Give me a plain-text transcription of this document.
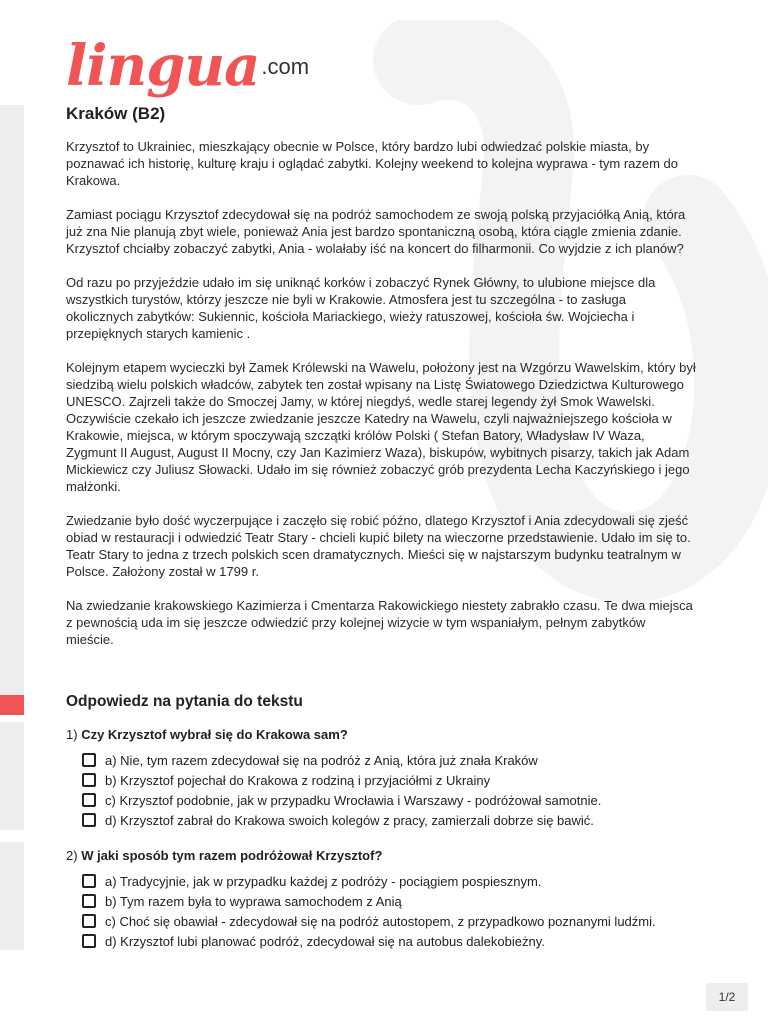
lingua .com
Kraków (B2)

Krzysztof to Ukrainiec, mieszkający obecnie w Polsce, który bardzo lubi odwiedzać polskie miasta, by poznawać ich historię, kulturę kraju i oglądać zabytki. Kolejny weekend to kolejna wyprawa - tym razem do Krakowa.

Zamiast pociągu Krzysztof zdecydował się na podróż samochodem ze swoją polską przyjaciółką Anią, która już zna Nie planują zbyt wiele, ponieważ Ania jest bardzo spontaniczną osobą, która ciągle zmienia zdanie. Krzysztof chciałby zobaczyć zabytki, Ania - wolałaby iść na koncert do filharmonii. Co wyjdzie z ich planów?

Od razu po przyjeździe udało im się uniknąć korków i zobaczyć Rynek Główny, to ulubione miejsce dla wszystkich turystów, którzy jeszcze nie byli w Krakowie. Atmosfera jest tu szczególna - to zasługa okolicznych zabytków: Sukiennic, kościoła Mariackiego, wieży ratuszowej, kościoła św. Wojciecha i przepięknych starych kamienic .

Kolejnym etapem wycieczki był Zamek Królewski na Wawelu, położony jest na Wzgórzu Wawelskim, który był siedzibą wielu polskich władców, zabytek ten został wpisany na Listę Światowego Dziedzictwa Kulturowego UNESCO. Zajrzeli także do Smoczej Jamy, w której niegdyś, wedle starej legendy żył Smok Wawelski. Oczywiście czekało ich jeszcze zwiedzanie jeszcze Katedry na Wawelu, czyli najważniejszego kościoła w Krakowie, miejsca, w którym spoczywają szczątki królów Polski ( Stefan Batory, Władysław IV Waza, Zygmunt II August, August II Mocny, czy Jan Kazimierz Waza), biskupów, wybitnych pisarzy, takich jak Adam Mickiewicz czy Juliusz Słowacki. Udało im się również zobaczyć grób prezydenta Lecha Kaczyńskiego i jego małżonki.

Zwiedzanie było dość wyczerpujące i zaczęło się robić późno, dlatego Krzysztof i Ania zdecydowali się zjeść obiad w restauracji i odwiedzić Teatr Stary - chcieli kupić bilety na wieczorne przedstawienie. Udało im się to. Teatr Stary to jedna z trzech polskich scen dramatycznych. Mieści się w najstarszym budynku teatralnym w Polsce. Założony został w 1799 r.

Na zwiedzanie krakowskiego Kazimierza i Cmentarza Rakowickiego niestety zabrakło czasu. Te dwa miejsca z pewnością uda im się jeszcze odwiedzić przy kolejnej wizycie w tym wspaniałym, pełnym zabytków mieście.

Odpowiedz na pytania do tekstu
1) Czy Krzysztof wybrał się do Krakowa sam?
a) Nie, tym razem zdecydował się na podróż z Anią, która już znała Kraków
b) Krzysztof pojechał do Krakowa z rodziną i przyjaciółmi z Ukrainy
c) Krzysztof podobnie, jak w przypadku Wrocławia i Warszawy - podróżował samotnie.
d) Krzysztof zabrał do Krakowa swoich kolegów z pracy, zamierzali dobrze się bawić.
2) W jaki sposób tym razem podróżował Krzysztof?
a) Tradycyjnie, jak w przypadku każdej z podróży - pociągiem pospiesznym.
b) Tym razem była to wyprawa samochodem z Anią
c) Choć się obawiał - zdecydował się na podróż autostopem, z przypadkowo poznanymi ludźmi.
d) Krzysztof lubi planować podróż, zdecydował się na autobus dalekobieżny.
1/2
